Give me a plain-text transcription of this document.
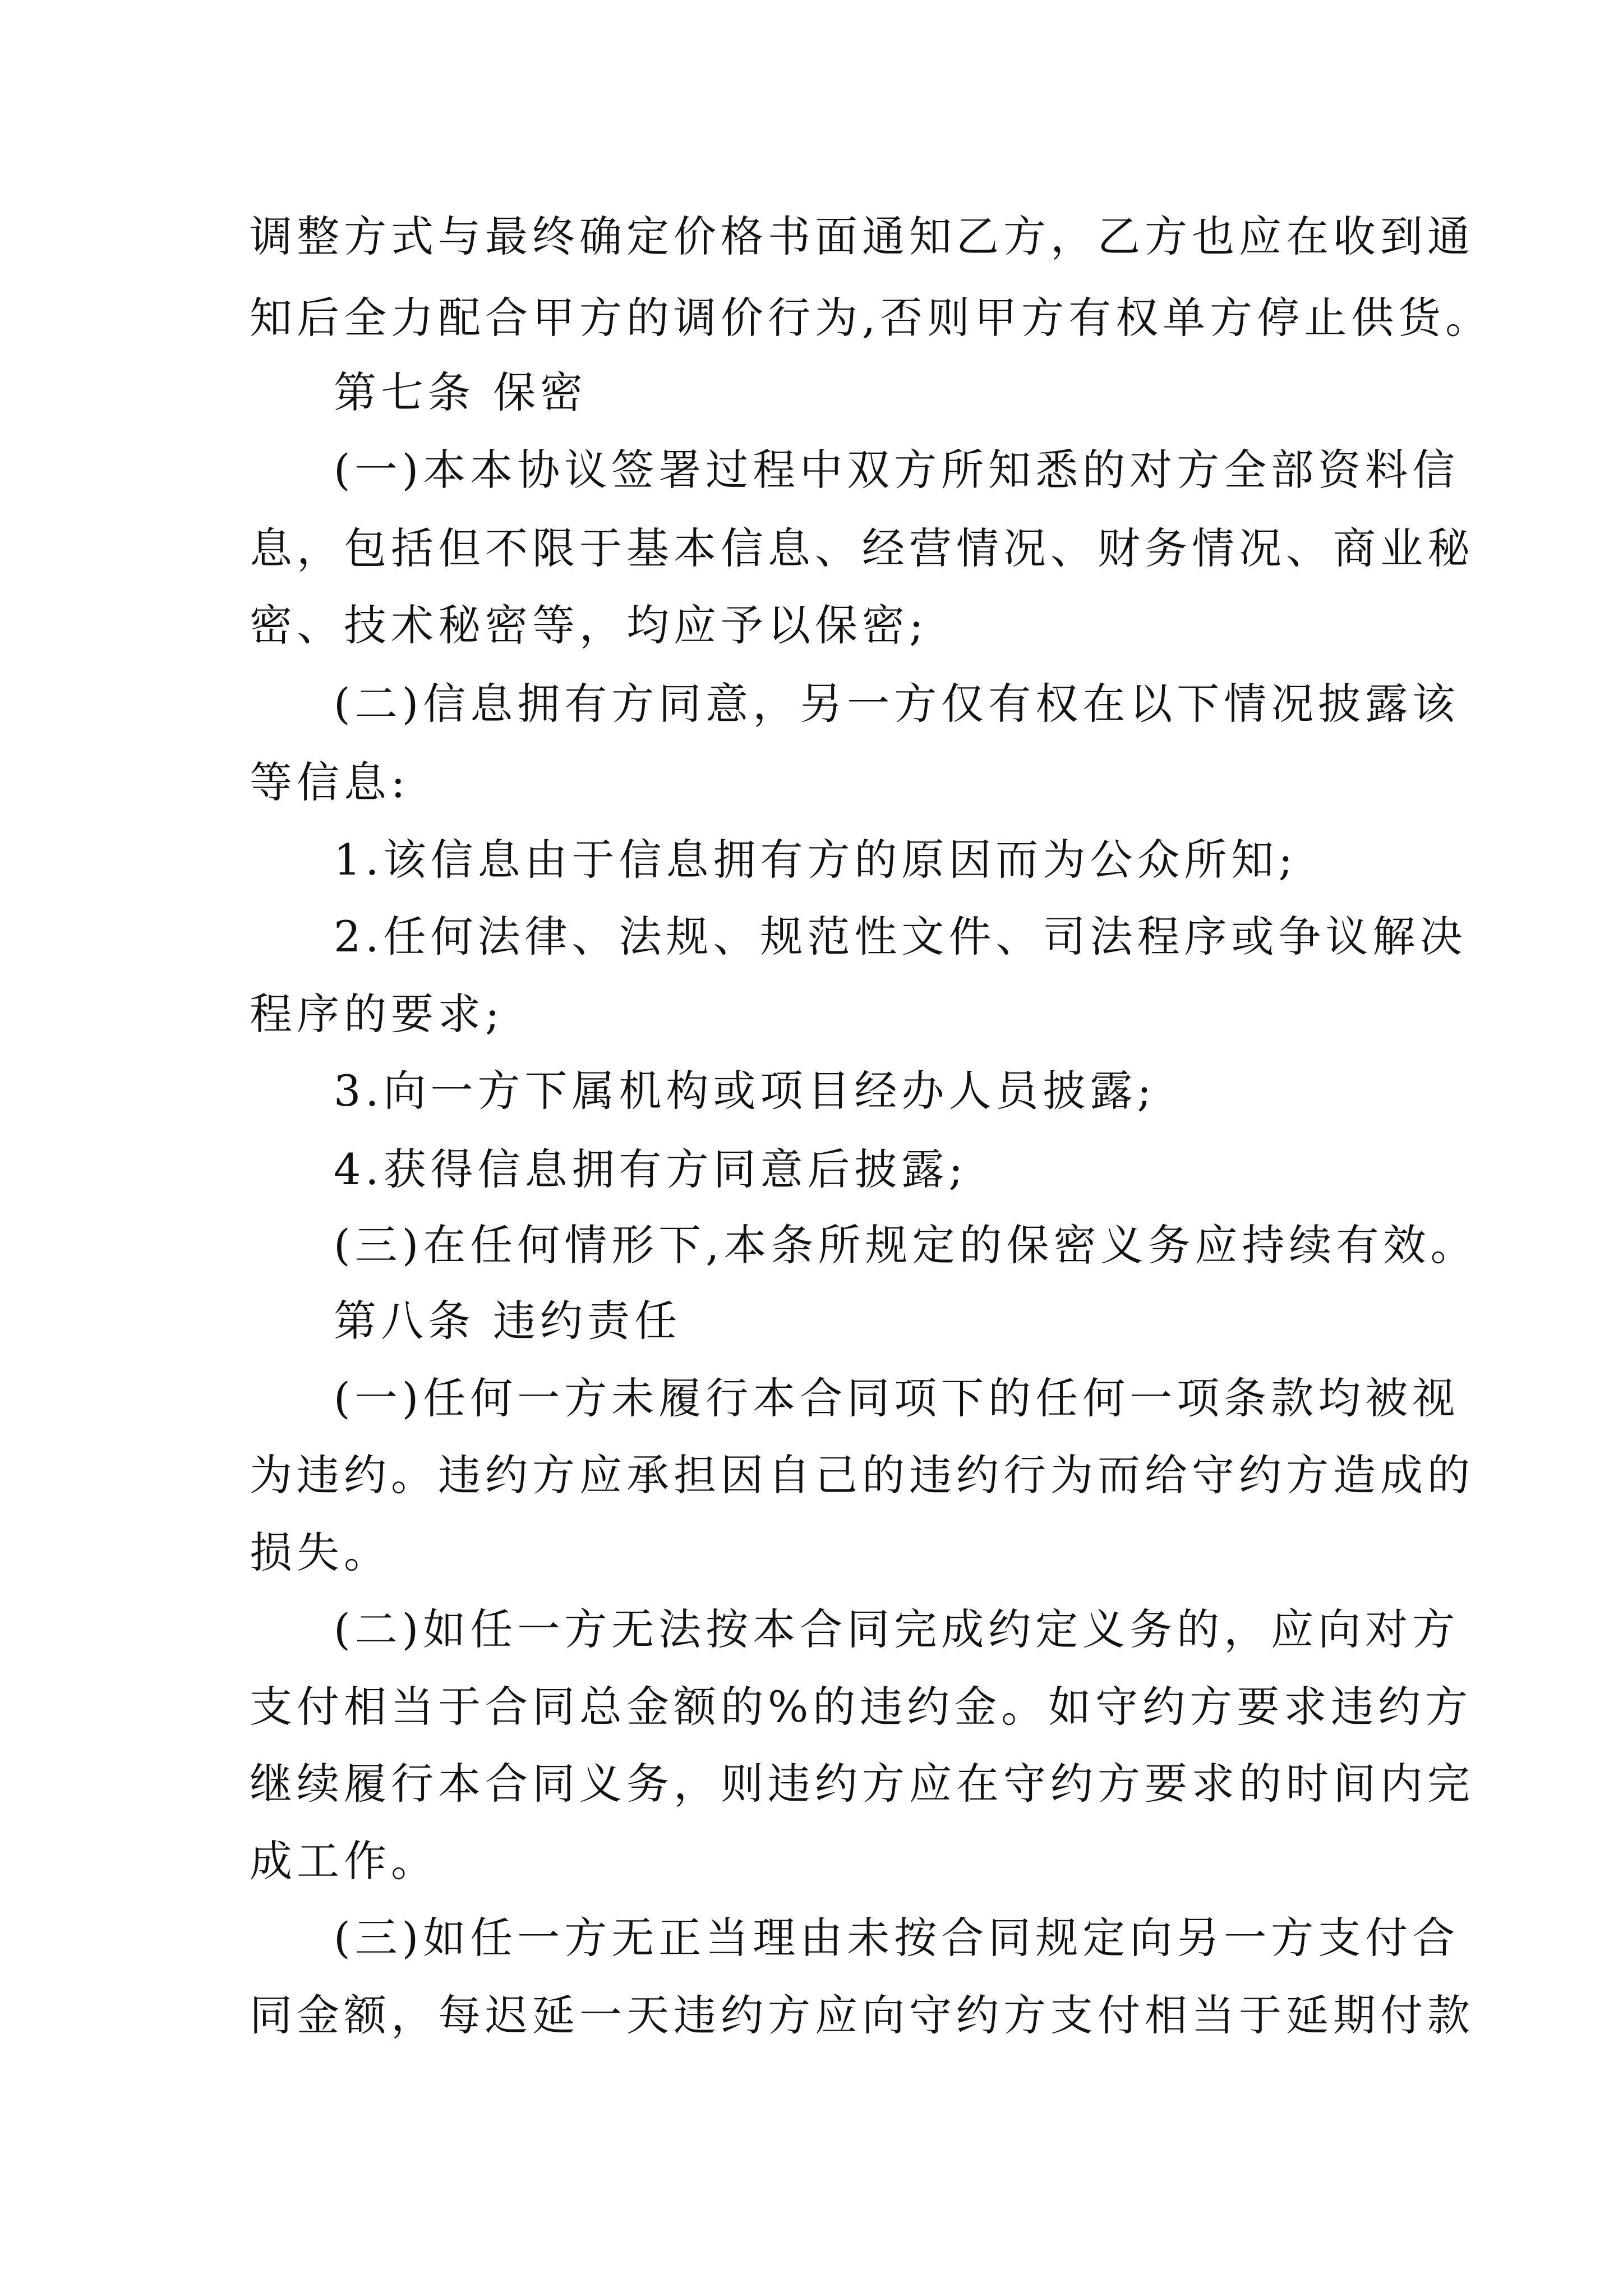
调整方式与最终确定价格书面通知乙方，乙方也应在收到通
知后全力配合甲方的调价行为,否则甲方有权单方停止供货。
第七条 保密
(一)本本协议签署过程中双方所知悉的对方全部资料信
息，包括但不限于基本信息、经营情况、财务情况、商业秘
密、技术秘密等，均应予以保密;
(二)信息拥有方同意，另一方仅有权在以下情况披露该
等信息:
1.该信息由于信息拥有方的原因而为公众所知;
2.任何法律、法规、规范性文件、司法程序或争议解决
程序的要求;
3.向一方下属机构或项目经办人员披露;
4.获得信息拥有方同意后披露;
(三)在任何情形下,本条所规定的保密义务应持续有效。
第八条 违约责任
(一)任何一方未履行本合同项下的任何一项条款均被视
为违约。违约方应承担因自己的违约行为而给守约方造成的
损失。
(二)如任一方无法按本合同完成约定义务的，应向对方
支付相当于合同总金额的%的违约金。如守约方要求违约方
继续履行本合同义务，则违约方应在守约方要求的时间内完
成工作。
(三)如任一方无正当理由未按合同规定向另一方支付合
同金额，每迟延一天违约方应向守约方支付相当于延期付款
